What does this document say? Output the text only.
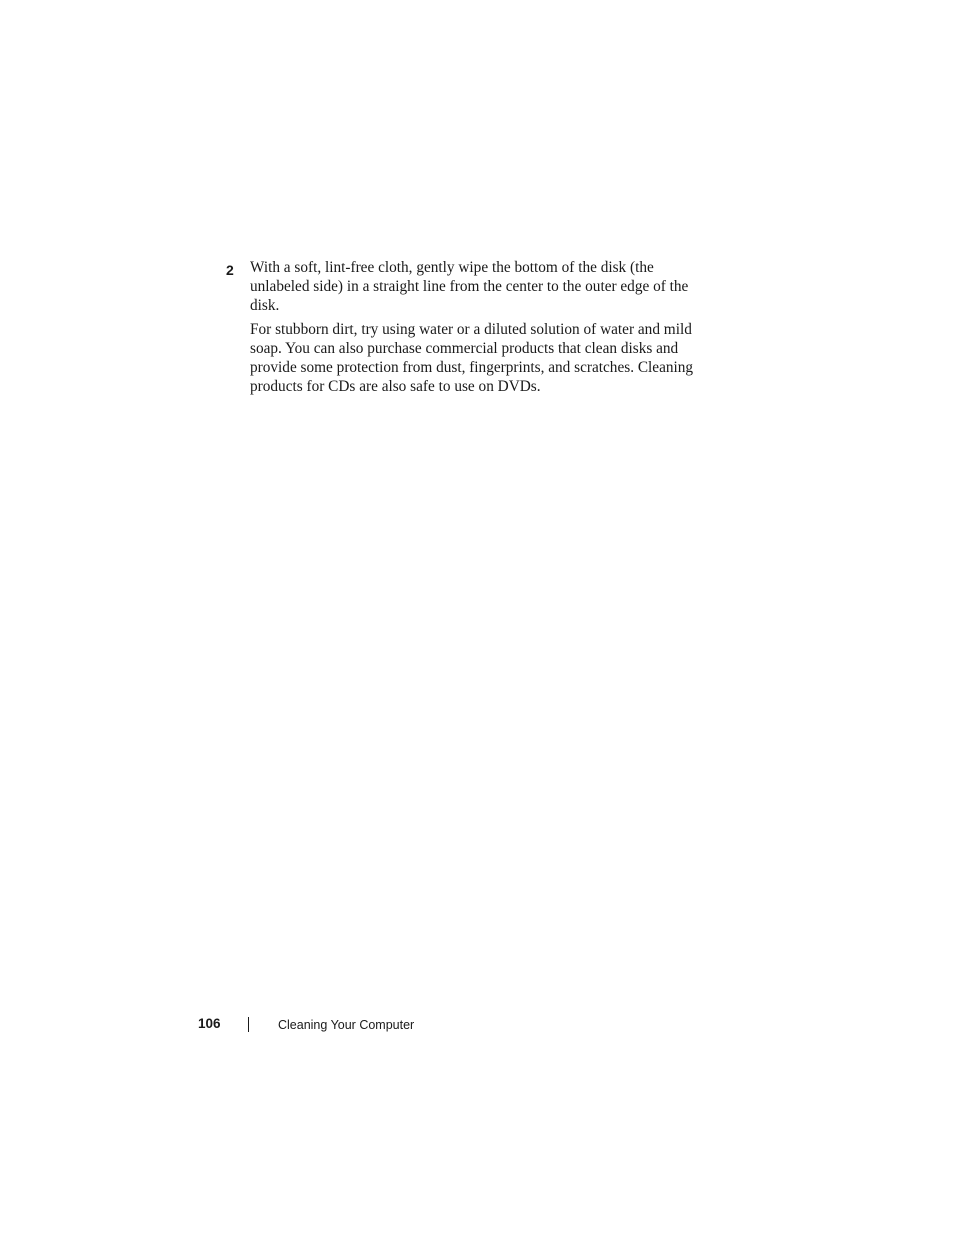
2 With a soft, lint-free cloth, gently wipe the bottom of the disk (the unlabeled side) in a straight line from the center to the outer edge of the disk.

For stubborn dirt, try using water or a diluted solution of water and mild soap. You can also purchase commercial products that clean disks and provide some protection from dust, fingerprints, and scratches. Cleaning products for CDs are also safe to use on DVDs.

106	Cleaning Your Computer
